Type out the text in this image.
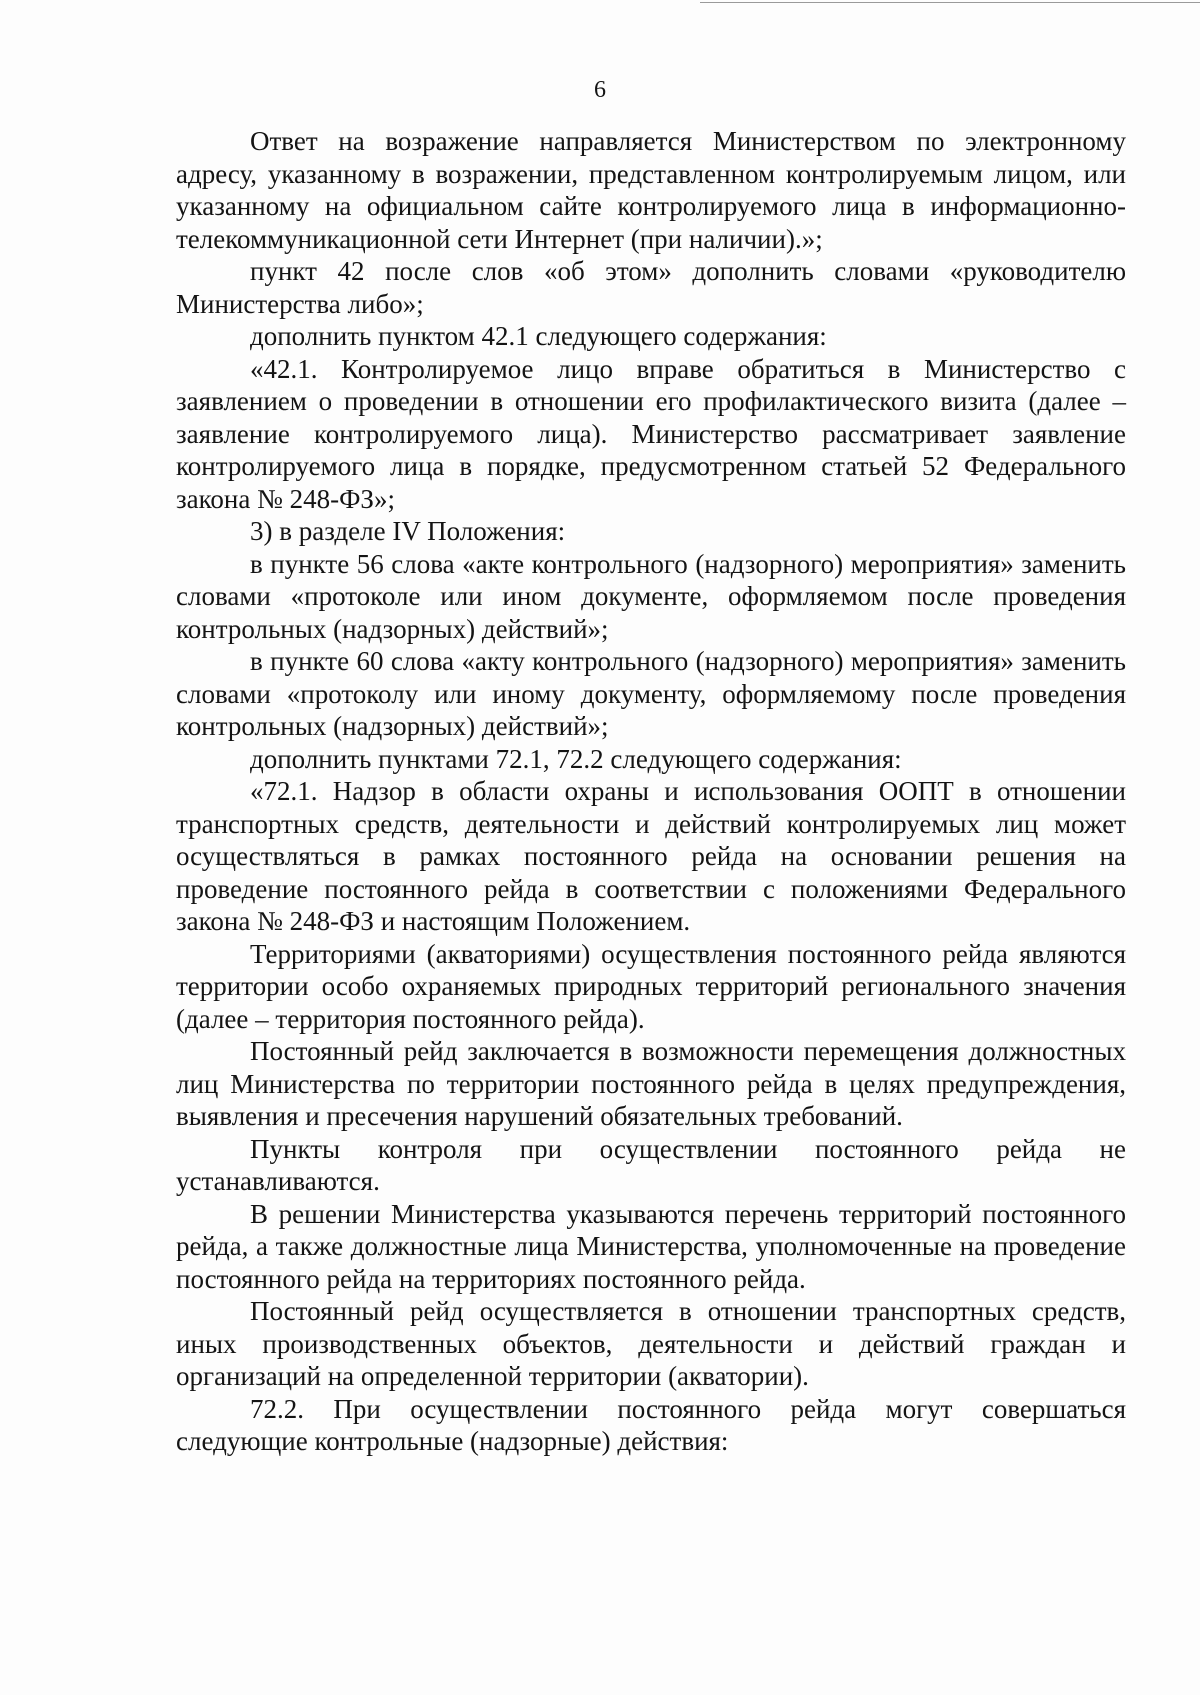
6

Ответ на возражение направляется Министерством по электронному адресу, указанному в возражении, представленном контролируемым лицом, или указанному на официальном сайте контролируемого лица в информационно-телекоммуникационной сети Интернет (при наличии).»;

пункт 42 после слов «об этом» дополнить словами «руководителю Министерства либо»;

дополнить пунктом 42.1 следующего содержания:

«42.1. Контролируемое лицо вправе обратиться в Министерство с заявлением о проведении в отношении его профилактического визита (далее – заявление контролируемого лица). Министерство рассматривает заявление контролируемого лица в порядке, предусмотренном статьей 52 Федерального закона № 248-ФЗ»;

3) в разделе IV Положения:

в пункте 56 слова «акте контрольного (надзорного) мероприятия» заменить словами «протоколе или ином документе, оформляемом после проведения контрольных (надзорных) действий»;

в пункте 60 слова «акту контрольного (надзорного) мероприятия» заменить словами «протоколу или иному документу, оформляемому после проведения контрольных (надзорных) действий»;

дополнить пунктами 72.1, 72.2 следующего содержания:

«72.1. Надзор в области охраны и использования ООПТ в отношении транспортных средств, деятельности и действий контролируемых лиц может осуществляться в рамках постоянного рейда на основании решения на проведение постоянного рейда в соответствии с положениями Федерального закона № 248-ФЗ и настоящим Положением.

Территориями (акваториями) осуществления постоянного рейда являются территории особо охраняемых природных территорий регионального значения (далее – территория постоянного рейда).

Постоянный рейд заключается в возможности перемещения должностных лиц Министерства по территории постоянного рейда в целях предупреждения, выявления и пресечения нарушений обязательных требований.

Пункты контроля при осуществлении постоянного рейда не устанавливаются.

В решении Министерства указываются перечень территорий постоянного рейда, а также должностные лица Министерства, уполномоченные на проведение постоянного рейда на территориях постоянного рейда.

Постоянный рейд осуществляется в отношении транспортных средств, иных производственных объектов, деятельности и действий граждан и организаций на определенной территории (акватории).

72.2. При осуществлении постоянного рейда могут совершаться следующие контрольные (надзорные) действия:
